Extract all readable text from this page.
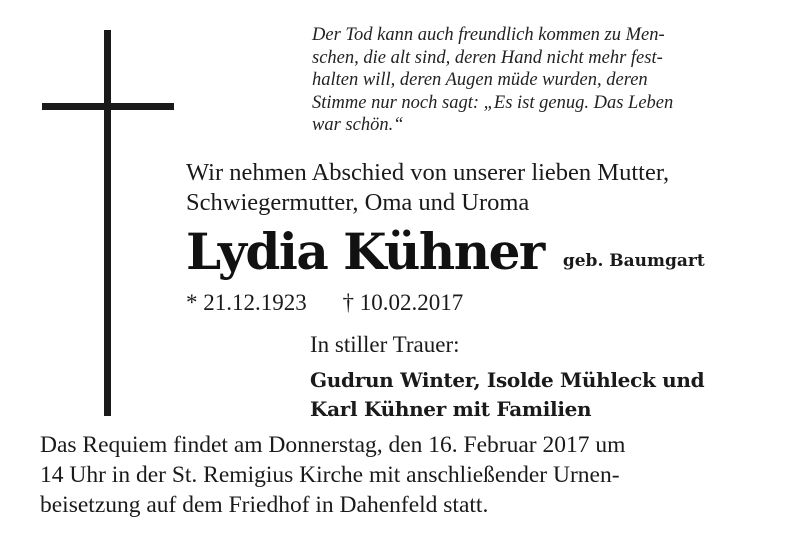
Der Tod kann auch freundlich kommen zu Men-
schen, die alt sind, deren Hand nicht mehr fest-
halten will, deren Augen müde wurden, deren
Stimme nur noch sagt: „Es ist genug. Das Leben
war schön.“
Wir nehmen Abschied von unserer lieben Mutter,
Schwiegermutter, Oma und Uroma
Lydia Kühner geb. Baumgart
* 21.12.1923 † 10.02.2017
In stiller Trauer:
Gudrun Winter, Isolde Mühleck und
Karl Kühner mit Familien
Das Requiem findet am Donnerstag, den 16. Februar 2017 um
14 Uhr in der St. Remigius Kirche mit anschließender Urnen-
beisetzung auf dem Friedhof in Dahenfeld statt.
